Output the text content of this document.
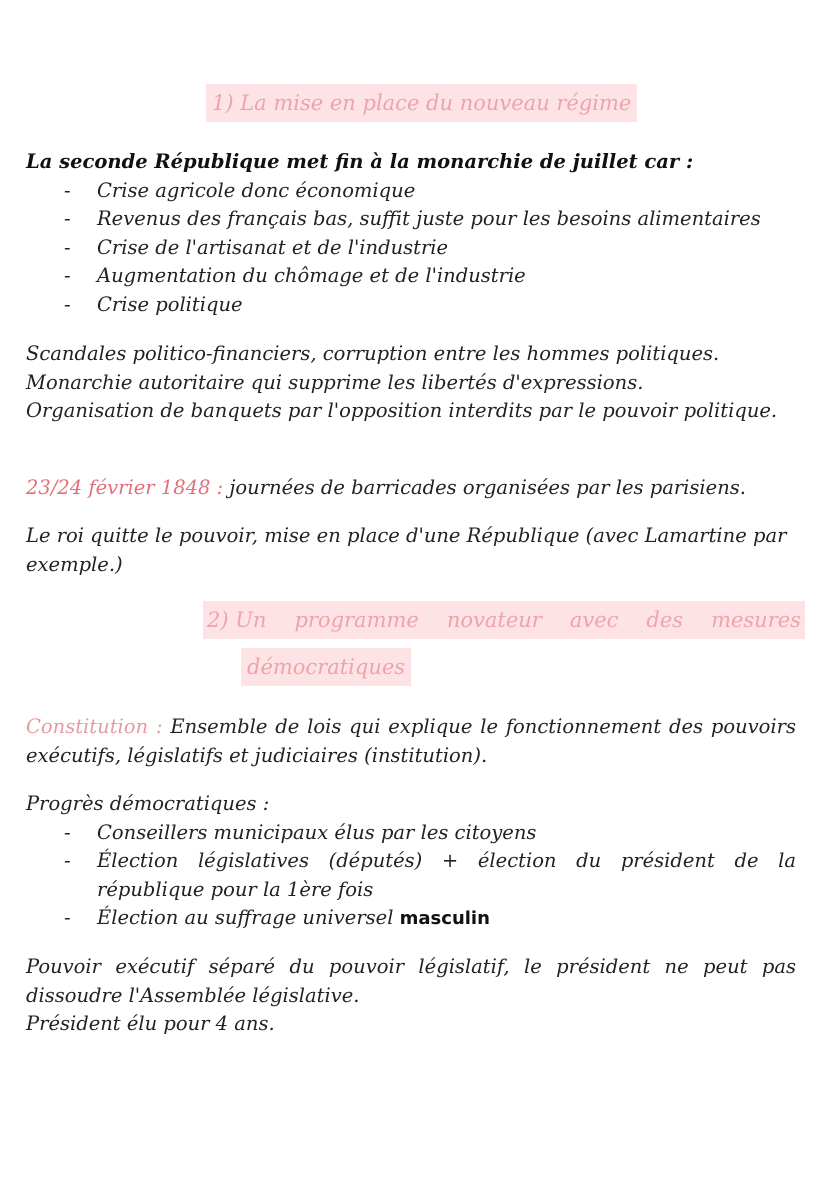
1) La mise en place du nouveau régime
La seconde République met fin à la monarchie de juillet car :
- Crise agricole donc économique
- Revenus des français bas, suffit juste pour les besoins alimentaires
- Crise de l'artisanat et de l'industrie
- Augmentation du chômage et de l'industrie
- Crise politique
Scandales politico-financiers, corruption entre les hommes politiques.
Monarchie autoritaire qui supprime les libertés d'expressions.
Organisation de banquets par l'opposition interdits par le pouvoir politique.
23/24 février 1848 : journées de barricades organisées par les parisiens.
Le roi quitte le pouvoir, mise en place d'une République (avec Lamartine par exemple.)
2) Un programme novateur avec des mesures
démocratiques
Constitution : Ensemble de lois qui explique le fonctionnement des pouvoirs exécutifs, législatifs et judiciaires (institution).
Progrès démocratiques :
- Conseillers municipaux élus par les citoyens
- Élection législatives (députés) + élection du président de la république pour la 1ère fois
- Élection au suffrage universel masculin
Pouvoir exécutif séparé du pouvoir législatif, le président ne peut pas dissoudre l'Assemblée législative.
Président élu pour 4 ans.
